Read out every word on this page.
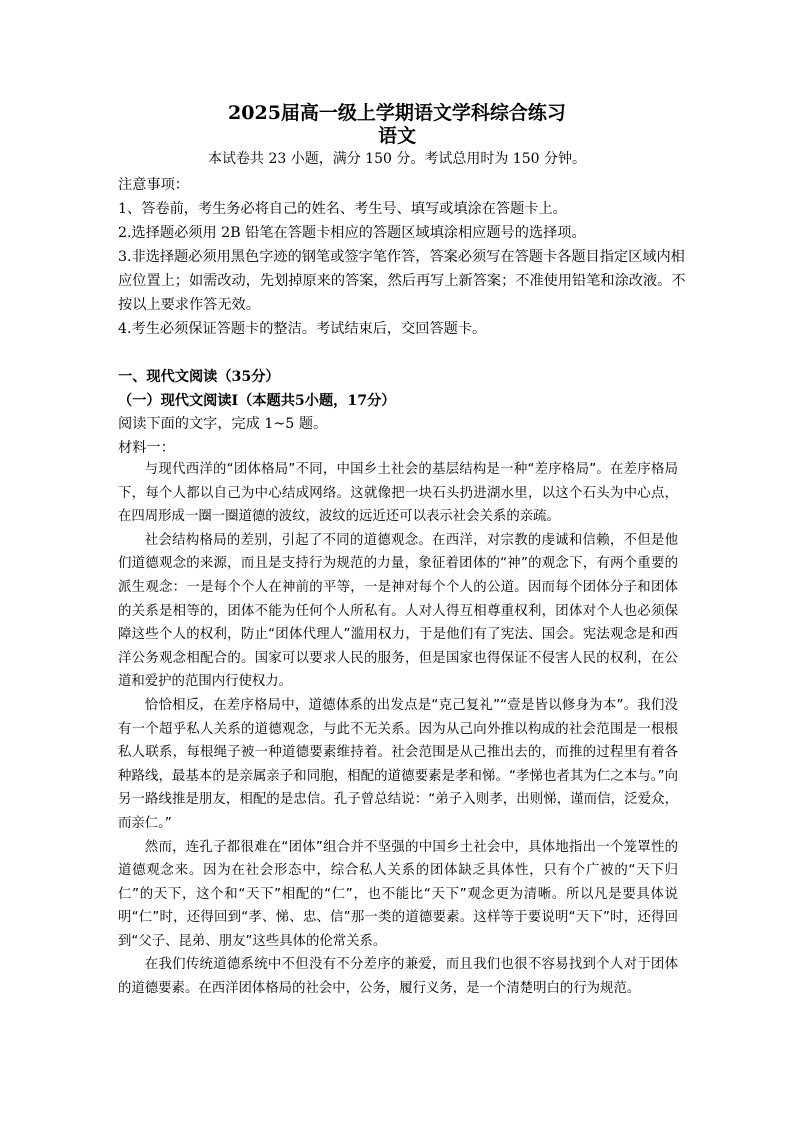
2025届高一级上学期语文学科综合练习
语文
本试卷共 23 小题，满分 150 分。考试总用时为 150 分钟。
注意事项：
1、答卷前，考生务必将自己的姓名、考生号、填写或填涂在答题卡上。
2.选择题必须用 2B 铅笔在答题卡相应的答题区域填涂相应题号的选择项。
3.非选择题必须用黑色字迹的钢笔或签字笔作答，答案必须写在答题卡各题目指定区域内相
应位置上；如需改动，先划掉原来的答案，然后再写上新答案；不准使用铅笔和涂改液。不
按以上要求作答无效。
4.考生必须保证答题卡的整洁。考试结束后，交回答题卡。
一、现代文阅读（35分）
（一）现代文阅读Ⅰ（本题共5小题，17分）
阅读下面的文字，完成 1~5 题。
材料一：

与现代西洋的“团体格局”不同，中国乡土社会的基层结构是一种“差序格局”。在差序格局下，每个人都以自己为中心结成网络。这就像把一块石头扔进湖水里，以这个石头为中心点，在四周形成一圈一圈道德的波纹，波纹的远近还可以表示社会关系的亲疏。

社会结构格局的差别，引起了不同的道德观念。在西洋，对宗教的虔诚和信赖，不但是他们道德观念的来源，而且是支持行为规范的力量，象征着团体的“神”的观念下，有两个重要的派生观念：一是每个个人在神前的平等，一是神对每个个人的公道。因而每个团体分子和团体的关系是相等的，团体不能为任何个人所私有。人对人得互相尊重权利，团体对个人也必须保障这些个人的权利，防止“团体代理人”滥用权力，于是他们有了宪法、国会。宪法观念是和西洋公务观念相配合的。国家可以要求人民的服务，但是国家也得保证不侵害人民的权利，在公道和爱护的范围内行使权力。

恰恰相反，在差序格局中，道德体系的出发点是“克己复礼”“壹是皆以修身为本”。我们没有一个超乎私人关系的道德观念，与此不无关系。因为从己向外推以构成的社会范围是一根根私人联系，每根绳子被一种道德要素维持着。社会范围是从己推出去的，而推的过程里有着各种路线，最基本的是亲属亲子和同胞，相配的道德要素是孝和悌。“孝悌也者其为仁之本与。”向另一路线推是朋友，相配的是忠信。孔子曾总结说：“弟子入则孝，出则悌，谨而信，泛爱众，而亲仁。”

然而，连孔子都很难在“团体”组合并不坚强的中国乡土社会中，具体地指出一个笼罩性的道德观念来。因为在社会形态中，综合私人关系的团体缺乏具体性，只有个广被的“天下归仁”的天下，这个和“天下”相配的“仁”，也不能比“天下”观念更为清晰。所以凡是要具体说明“仁”时，还得回到“孝、悌、忠、信”那一类的道德要素。这样等于要说明“天下”时，还得回到“父子、昆弟、朋友”这些具体的伦常关系。

在我们传统道德系统中不但没有不分差序的兼爱，而且我们也很不容易找到个人对于团体的道德要素。在西洋团体格局的社会中，公务，履行义务，是一个清楚明白的行为规范。
